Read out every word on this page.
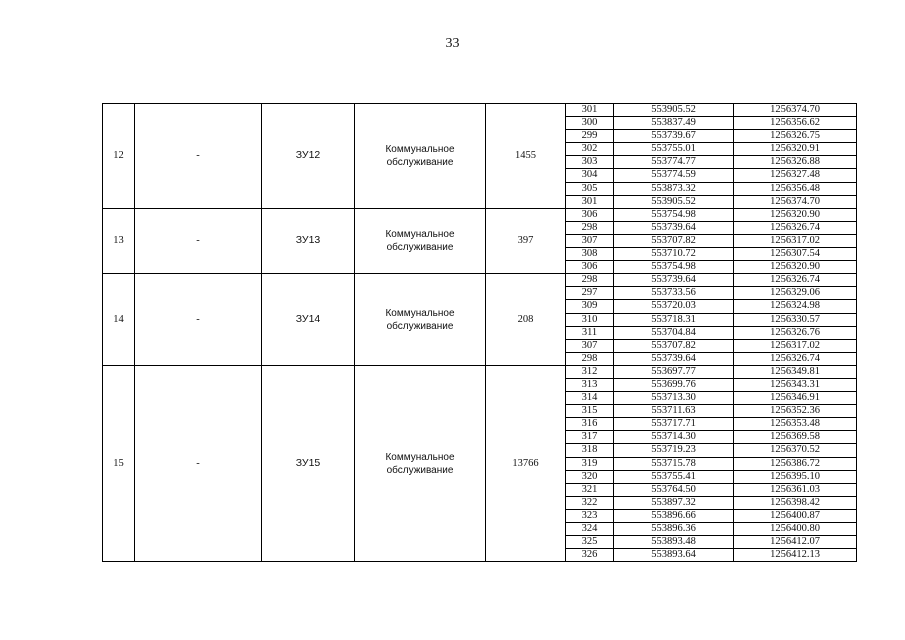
33
12	-	ЗУ12	Коммунальное обслуживание	1455	301	553905.52	1256374.70
					300	553837.49	1256356.62
					299	553739.67	1256326.75
					302	553755.01	1256320.91
					303	553774.77	1256326.88
					304	553774.59	1256327.48
					305	553873.32	1256356.48
					301	553905.52	1256374.70
13	-	ЗУ13	Коммунальное обслуживание	397	306	553754.98	1256320.90
					298	553739.64	1256326.74
					307	553707.82	1256317.02
					308	553710.72	1256307.54
					306	553754.98	1256320.90
14	-	ЗУ14	Коммунальное обслуживание	208	298	553739.64	1256326.74
					297	553733.56	1256329.06
					309	553720.03	1256324.98
					310	553718.31	1256330.57
					311	553704.84	1256326.76
					307	553707.82	1256317.02
					298	553739.64	1256326.74
15	-	ЗУ15	Коммунальное обслуживание	13766	312	553697.77	1256349.81
					313	553699.76	1256343.31
					314	553713.30	1256346.91
					315	553711.63	1256352.36
					316	553717.71	1256353.48
					317	553714.30	1256369.58
					318	553719.23	1256370.52
					319	553715.78	1256386.72
					320	553755.41	1256395.10
					321	553764.50	1256361.03
					322	553897.32	1256398.42
					323	553896.66	1256400.87
					324	553896.36	1256400.80
					325	553893.48	1256412.07
					326	553893.64	1256412.13
